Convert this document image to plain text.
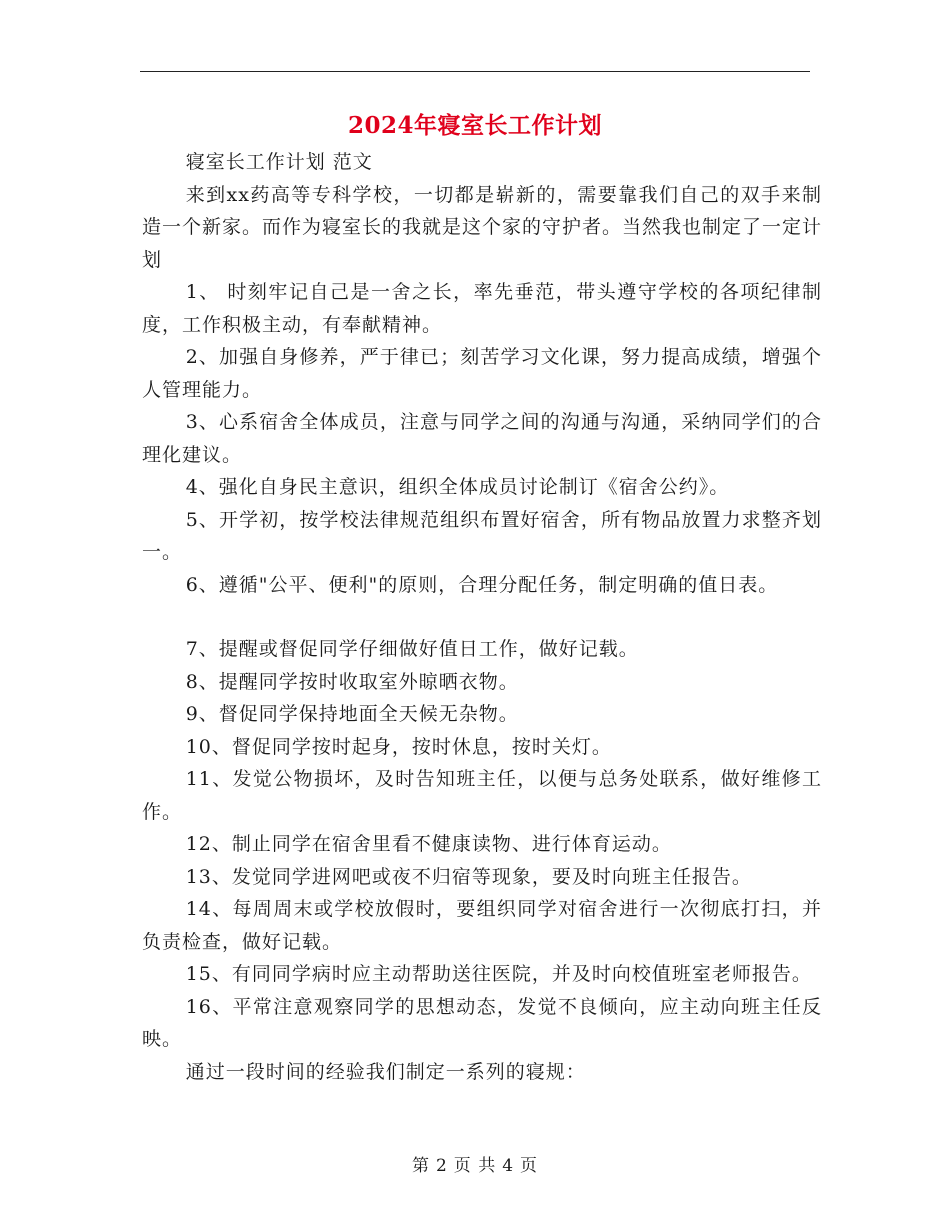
2024年寝室长工作计划

寝室长工作计划 范文

来到xx药高等专科学校，一切都是崭新的，需要靠我们自己的双手来制造一个新家。而作为寝室长的我就是这个家的守护者。当然我也制定了一定计划

1、 时刻牢记自己是一舍之长，率先垂范，带头遵守学校的各项纪律制度，工作积极主动，有奉献精神。

2、加强自身修养，严于律已；刻苦学习文化课，努力提高成绩，增强个人管理能力。

3、心系宿舍全体成员，注意与同学之间的沟通与沟通，采纳同学们的合理化建议。

4、强化自身民主意识，组织全体成员讨论制订《宿舍公约》。

5、开学初，按学校法律规范组织布置好宿舍，所有物品放置力求整齐划一。

6、遵循"公平、便利"的原则，合理分配任务，制定明确的值日表。

7、提醒或督促同学仔细做好值日工作，做好记载。

8、提醒同学按时收取室外晾晒衣物。

9、督促同学保持地面全天候无杂物。

10、督促同学按时起身，按时休息，按时关灯。

11、发觉公物损坏，及时告知班主任，以便与总务处联系，做好维修工作。

12、制止同学在宿舍里看不健康读物、进行体育运动。

13、发觉同学进网吧或夜不归宿等现象，要及时向班主任报告。

14、每周周末或学校放假时，要组织同学对宿舍进行一次彻底打扫，并负责检查，做好记载。

15、有同同学病时应主动帮助送往医院，并及时向校值班室老师报告。

16、平常注意观察同学的思想动态，发觉不良倾向，应主动向班主任反映。

通过一段时间的经验我们制定一系列的寝规：

第 2 页 共 4 页
